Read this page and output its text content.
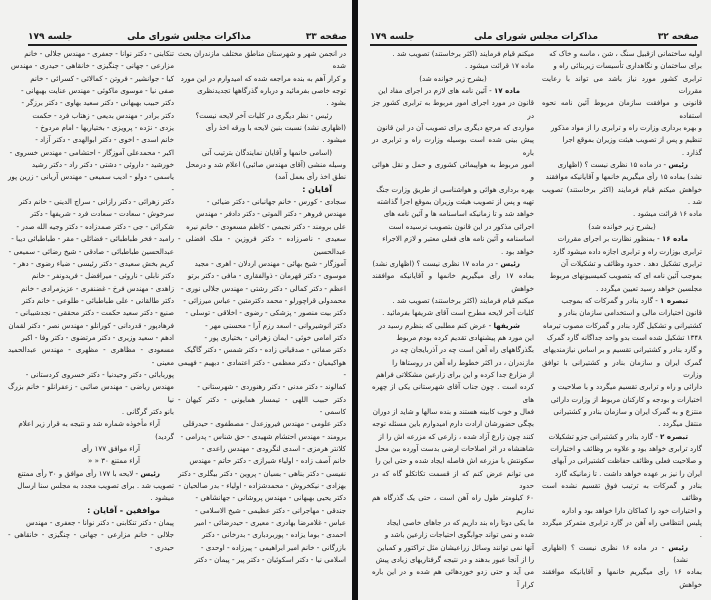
صفحه ۳۳
مذاکرات مجلس شورای ملی
جلسه ۱۷۹

در انجمن شهر و شهرستان مناطق مختلف مازندران بحث شده

و کرار آهم به بنده مراجعه شده که امیدوارم در این مورد

توجه خاصی بفرمائید و درباره گذرگاهها تجدیدنظری

بشود .

رئیس - نظر دیگری در کلیات آخر لایحه نیست؟

(اظهاری نشد) نسبت بنین لایحه با ورقه اخذ رأی

میشود .

(اسامی خانمها و آقایان نمایندگان بترتیب آتی

وسیله منشی (آقای مهندس صائبی) اعلام شد و درمحل

نطق اخذ رأی بعمل آمد)

آقایان :

سجادی - کورس - خانم جهانبانی - دکتر ضیائی -

مهندس فروهر - دکتر الموتی - دکتر دادفر - مهندس

علی برومند - دکتر نجیمی - کاظم مسعودی - خانم نیره

سعیدی - ناصرزاده - دکتر فروزین - ملک افضلی - عبدالحسین

آموزگار - شیخ بهائی - مهندس اردلان - اهری - مجید

موسوی - دکتر قهرمان - ذوالفقاری - مافی - دکتر برتو

اعظم - دکتر کمالی - دکتر رشتی - مهندس جلالی نوری -

محمدولی قراچورلو - محمد دکترمتین - عباس میرزائی -

دکتر بیت منصور - پزشکی - رضوی - اخلاقی - توسلی -

دکتر انوشیروانی - اسعد رزم آرا - محسنی مهر -

دکتر امامی خوئی - ایمان زهرائی - بختیاری پور -

دکتر صفاتی - صدقیانی زاده - دکتر شمس - دکتر گاگیک

هواکیمیان - دکتر معظمی - دکتر اعتمادی - دبهیم - فهیمی -

کمالوند - دکتر مدنی - دکتر رهنوردی - شهرستانی -

دکتر حبیب اللهی - تیمسار همایونی - دکتر کیهان - کاسمی -

دکتر علومی - مهندس فیروزعدل - مصطفوی - حیدرقلی

برومند - مهندس احتشام شهیدی - حق شناس - پدرامی -

کلانتر هرمزی - اسدی لنگرودی - مهندس راعدی -

خانم آصف زاده - اولیاء شیرازی - دکتر حاتم - مهندس

نفیسی - دکتر بناهی - بسیان - پروین - دکتر بیگلری - دکتر

بهزادی - نیکخروش - محمدشزاده - اولیاء - بدر صالحیان -

دکتر یحیی بهبهانی - مهندس پروشانی - جهانشاهی -

جندقی - مهاجرانی - دکتر عظیمی - شیخ الاسلامی -

عباس - غلامرضا بهادری - معیری - حیدرضائی - امیر

احمدی - بوما یزاده - پوربردباری - بدرخانی - دکتر

بازرگانی - خانم امیر ابراهیمی - پیرزاده - اوحدی -

اسلامی نیا - دکتر اسکوئیان - دکتر پیر - پیمان - دکتر

تنکابنی - دکتر نوانا - جعفری - مهندس جلالی - خانم

مزارعی - جهانی - چنگیزی - خانقاهی - حیدری - مهندس

کیا - جوانشیر - فروتن - کمالائی - کسرائی - خانم

صفی نیا - موسوی ماکوئی - مهندس عنایت بهبهانی -

دکتر حبیب بهبهانی - دکتر سعید بهاوی - دکتر برزگر -

دکتر برادر - مهندس بدیعی - زهتاب فرد - حکمت

یزدی - نژده - پرویزی - بختیاریها - امام مردوخ -

خانم اسدی - اخوی - دکتر ابوالهدی - دکتر آزاد -

اکبر - محمدعلی آموزگار - احتشامی - مهندس خسروی -

خورشید - داروئی - دشتی - دکتر راد - دکتر رشید

یاسمی - دولو - ادیب سمیعی - مهندس آریانی - زرین پور -

دکتر زهرائی - دکتر رازانی - سراج الدینی - خانم دکتر

سرخوش - سعادت - سعادت فرد - شریفها - دکتر

شکرائی - جی - دکتر صمدزاده - دکتر وجیه الله صدر -

رامبد - فخر طباطبائی - فضائلی - مقر - طباطبائی دیبا -

عبدالحسین طباطبائی - صادقی - شیخ رضائی - سمیعی -

کریم بخش سعیدی - دکتر رئیسی - ضیاء رضوی - دهر -

دکتر نابلی - ناروئی - میرافضل - فریدونفر - خانم

زاهدی - مهندس فرخ - غضنفری - عزیزمرادی - خانم

دکتر طالقانی - علی طباطبائی - طلوعی - خانم دکتر

صنیع - دکتر سعید حکمت - دکتر محققی - نجدشیبانی -

فرهادپور - قدردانی - کورانلو - مهندس نصر - دکتر لقمان

ادهم - سعید وزیری - دکتر مرتضوی - دکتر وفا - اکبر

مسعودی - مظاهری - مظهری - مهندس عبدالحمید معینی -

پوربابائی - دکتر وحیدنیا - دکتر خسروی کردستانی -

مهندس ریاضی - مهندس صائبی - زعفرانلو - خانم بزرگ نیا

بانو دکتر گرگانی .

آراء مأخوذه شماره شد و نتیجه به قرار زیر اعلام

گردید)

آراء موافق ۱۷۷ رأی

آراء ممتنع ۳۰ « «

رئیس - لایحه با ۱۷۷ رأی موافق و ۳۰ رأی ممتنع

تصویب شد . برای تصویب مجدد به مجلس سنا ارسال

میشود .

موافقین - آقایان :

پیمان - دکتر تنکابنی - دکتر نوانا - جعفری - مهندس

جلالی - خانم مزارعی - جهانی - چنگیزی - خانقاهی - حیدری -

صفحه ۳۲
مذاکرات مجلس شورای ملی
جلسه ۱۷۹

اولیه ساختمانی ازقبیل سنگ ، شن ، ماسه و خاک که

برای ساختمان و نگاهداری تأسیسات زیربنائی راه و

ترابری کشور مورد نیاز باشد می تواند با رعایت مقررات

قانونی و موافقت سازمان مربوط آئین نامه نحوه استفاده

و بهره برداری وزارت راه و ترابری را از مواد مذکور

تنظیم و پس از تصویب هیئت وزیران بموقع اجرا

گذارد .

رئیس - در ماده ۱۵ نظری نیست ؟ (اظهاری

نشد) بماده ۱۵ رأی میگیریم خانمها و آقایانیکه موافقند

خواهش میکنم قیام فرمایند (اکثر برخاستند) تصویب شد .

ماده ۱۶ قرائت میشود .

(بشرح زیر خوانده شد)

ماده ۱۶ - بمنظور نظارت بر اجرای مقررات

ترابری بوزارت راه و ترابری اجازه داده میشود گارد

ترابری تشکیل دهد . حدود وظائف و تشکیلات آن

بموجب آئین نامه ای که بتصویب کمیسیونهای مربوط

مجلسین خواهد رسید تعیین میگردد .

تبصره ۱ - گارد بنادر و گمرکات که بموجب

قانون اختیارات مالی و استخدامی سازمان بنادر و

کشتیرانی و تشکیل گارد بنادر و گمرکات مصوب تیرماه

۱۳۴۸ تشکیل شده است بدو واحد جداگانه گارد گمرک

و گارد بنادر و کشتیرانی تقسیم و بر اساس نیازمندیهای

گمرک ایران و سازمان بنادر و کشتیرانی با توافق وزارت

دارائی و راه و ترابری تقسیم میگردد و با صلاحیت و

اختیارات و بودجه و کارکنان مربوط از وزارت دارائی

منتزع و به گمرک ایران و سازمان بنادر و کشتیرانی

منتقل میگردد .

تبصره ۲ - گارد بنادر و کشتیرانی جزو تشکیلات

گارد ترابری خواهد بود و علاوه بر وظائف و اختیارات

و صلاحیت فعلی وظائف حفاظت کشتیرانی در آبهای

ایران را نیز بر عهده خواهد داشت . تا زمانیکه گارد

بنادر و گمرکات به ترتیب فوق تقسیم نشده است وظائف

و اختیارات خود را کماکان دارا خواهد بود و اداره

پلیس انتظامی راه آهن در گارد ترابری متمرکز میگردد .

رئیس - در ماده ۱۶ نظری نیست ؟ (اظهاری نشد)

بماده ۱۶ رأی میگیریم خانمها و آقایانیکه موافقند خواهش

میکنم قیام فرمایند (اکثر برخاستند) تصویب شد .

ماده ۱۷ قرائت میشود .

(بشرح زیر خوانده شد)

ماده ۱۷ - آئین نامه های لازم در اجرای مفاد این

قانون در مورد اجرای امور مربوط به ترابری کشور جز در

مواردی که مرجع دیگری برای تصویب آن در این قانون

پیش بینی شده است بوسیله وزارت راه و ترابری در باره

امور مربوط به هواپیمائی کشوری و حمل و نقل هوائی و

بهره برداری هوائی و هواشناسی از طریق وزارت جنگ

تهیه و پس از تصویب هیئت وزیران بموقع اجرا گذاشته

خواهد شد و تا زمانیکه اساسنامه ها و آئین نامه های

اجرائی مذکور در این قانون بتصویب نرسیده است

اساسنامه و آئین نامه های فعلی معتبر و لازم الاجراء

خواهد بود .

رئیس - در ماده ۱۷ نظری نیست ؟ (اظهاری نشد)

بماده ۱۷ رأی میگیریم خانمها و آقایانیکه موافقند خواهش

میکنم قیام فرمایند (اکثر برخاستند) تصویب شد .

کلیات آخر لایحه مطرح است آقای شریفها بفرمائید .

شریفها - عرض کنم مطلبی که بنظرم رسید در

این مورد هم پیشنهادی تقدیم کرده بودم مربوط

بگذرگاههای راه آهن است چه در آذربایجان چه در

مازندران ، در اکثر خطوط راه آهن در روستاها را

از مزارع جدا کرده و این برای زارعین مشکلاتی فراهم

کرده است . چون جناب آقای شهرستانی یکی از چهره های

فعال و خوب کابینه هستند و بنده سالها و شاید از دوران

بچگی حضورشان ارادت دارم امیدوارم باین مسئله توجه

کنند چون زارع آزاد شده ، زارعی که مزرعه اش را از

شاهنشاه در اثر اصلاحات ارضی بدست آورده بین محل

سکونتش با مزرعه اش فاصله ایجاد شده و حتی این را

می توانم عرض کنم که از قسمت تکاتکلو گاه که در حدود

۶۰ کیلومتر طول راه آهن است ، حتی یک گذرگاه هم نداریم

ما یکی دوتا راه بند داریم که در جاهای خاصی ایجاد

شده و نمی تواند جوابگوی احتیاجات زارعین باشد و

آنها نمی توانند وسائل زراعیشان مثل تراکتور و کمباین

را از آنجا عبور بدهند و در نتیجه گرفتاریهای زیادی پیش

می آید و حتی زدو خوردهائی هم شده و در این باره کرار آ
